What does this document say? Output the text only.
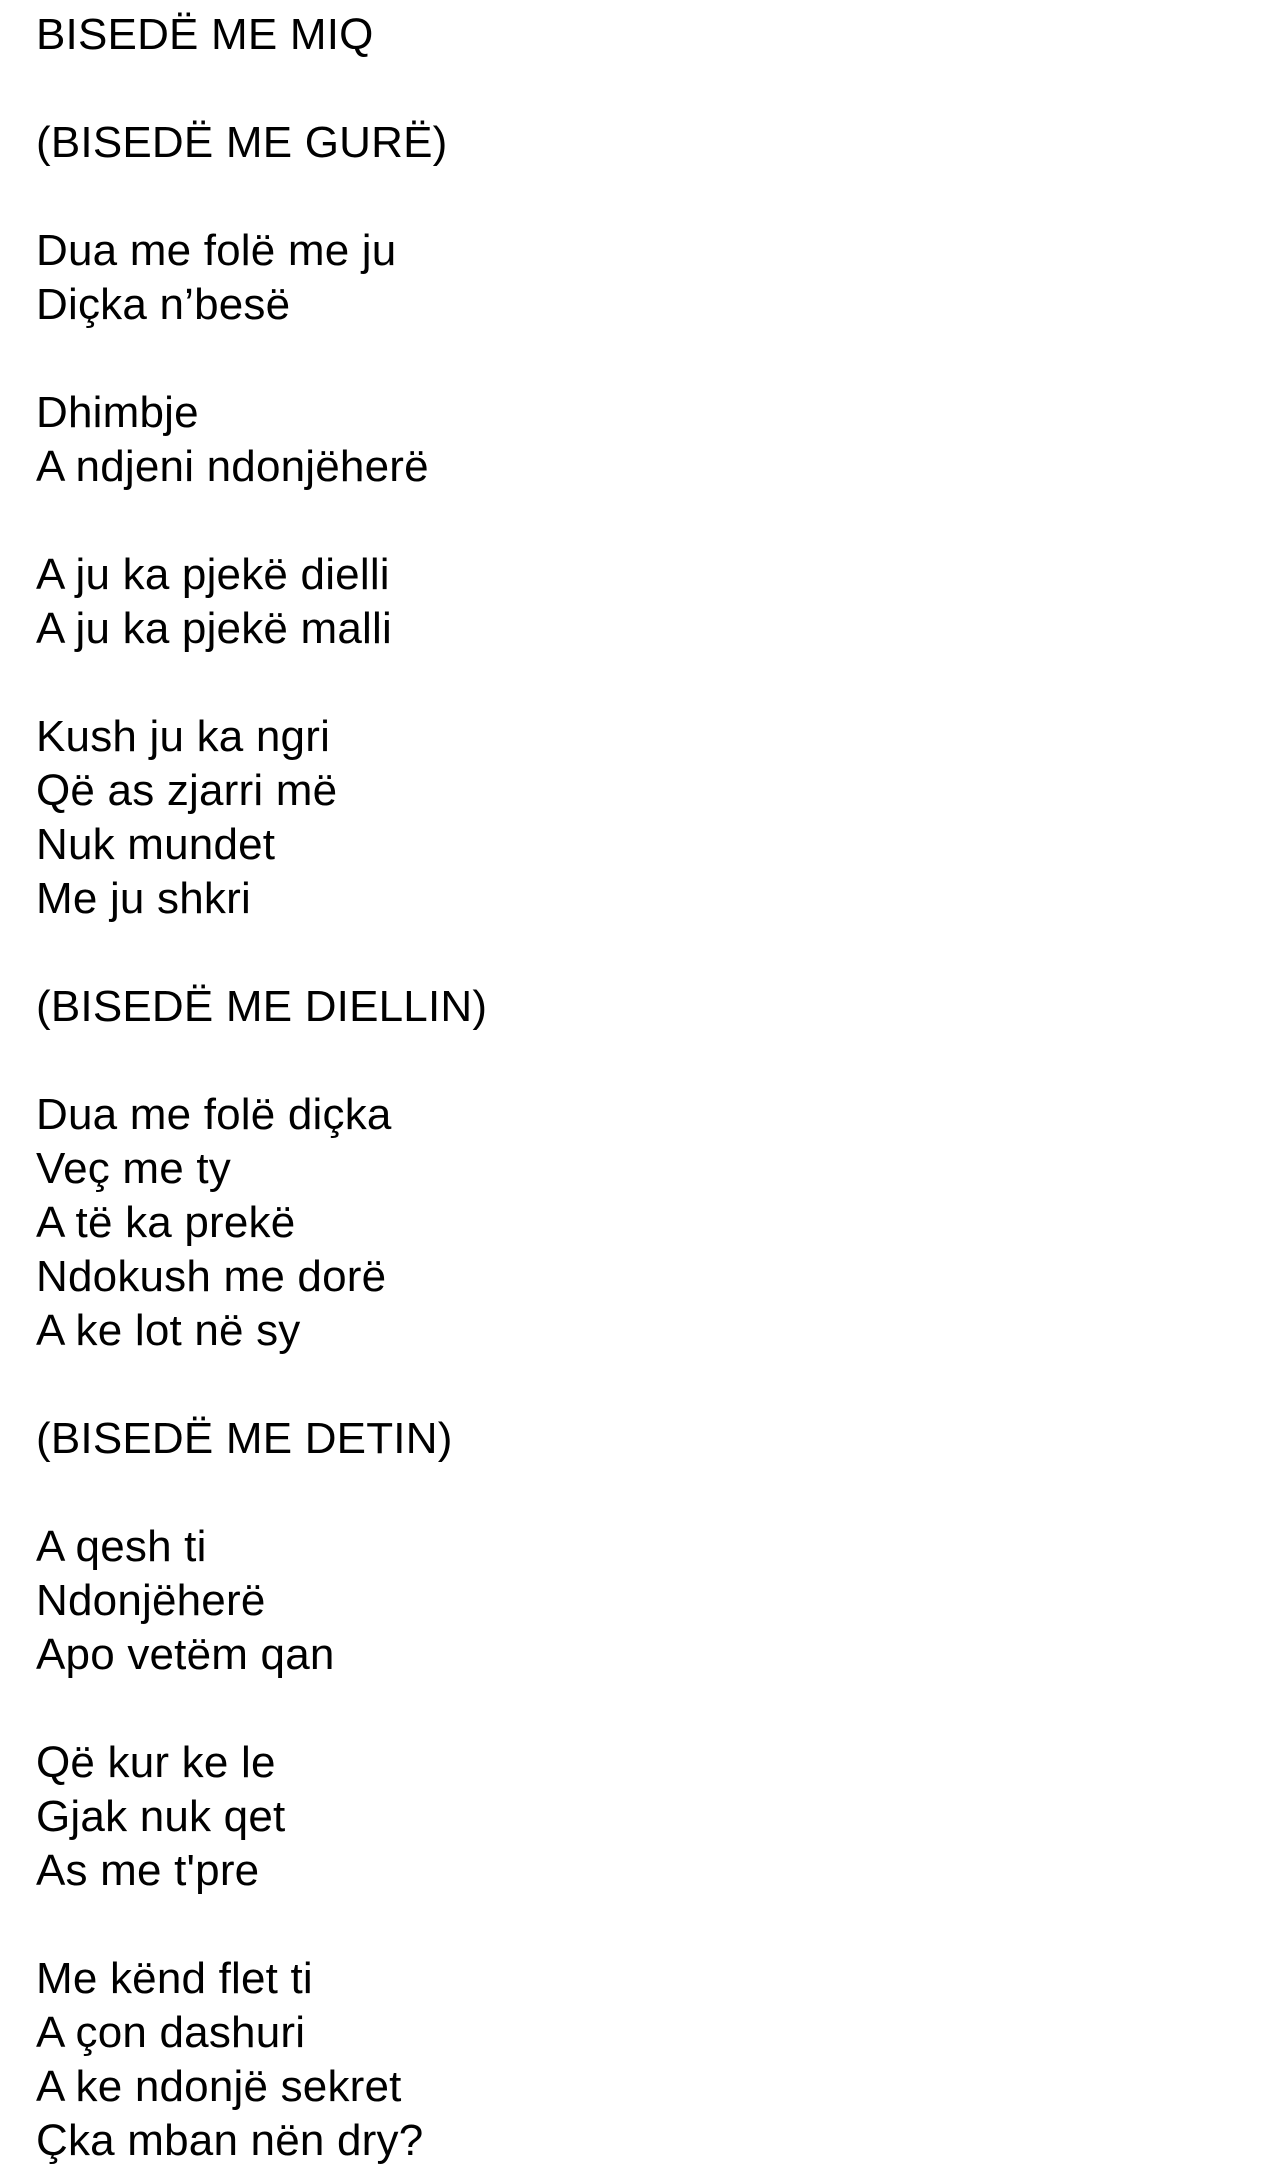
BISEDË ME MIQ
(BISEDË ME GURË)
Dua me folë me ju
Diçka n’besë
Dhimbje
A ndjeni ndonjëherë
A ju ka pjekë dielli
A ju ka pjekë malli
Kush ju ka ngri
Që as zjarri më
Nuk mundet
Me ju shkri
(BISEDË ME DIELLIN)
Dua me folë diçka
Veç me ty
A të ka prekë
Ndokush me dorë
A ke lot në sy
(BISEDË ME DETIN)
A qesh ti
Ndonjëherë
Apo vetëm qan
Që kur ke le
Gjak nuk qet
As me t'pre
Me kënd flet ti
A çon dashuri
A ke ndonjë sekret
Çka mban nën dry?
